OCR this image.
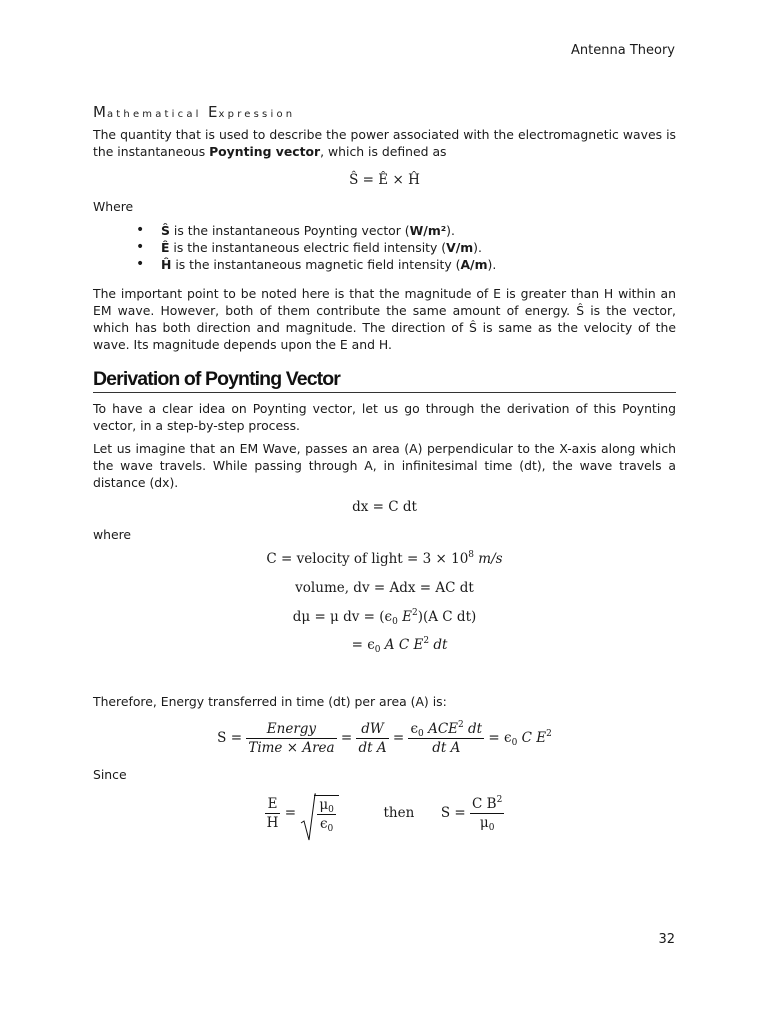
Antenna Theory
Mathematical Expression
The quantity that is used to describe the power associated with the electromagnetic waves is the instantaneous Poynting vector, which is defined as
Ŝ = Ê × Ĥ
Where
• Ŝ is the instantaneous Poynting vector (W/m²).
• Ê is the instantaneous electric field intensity (V/m).
• Ĥ is the instantaneous magnetic field intensity (A/m).
The important point to be noted here is that the magnitude of E is greater than H within an EM wave. However, both of them contribute the same amount of energy. Ŝ is the vector, which has both direction and magnitude. The direction of Ŝ is same as the velocity of the wave. Its magnitude depends upon the E and H.
Derivation of Poynting Vector
To have a clear idea on Poynting vector, let us go through the derivation of this Poynting vector, in a step-by-step process.
Let us imagine that an EM Wave, passes an area (A) perpendicular to the X-axis along which the wave travels. While passing through A, in infinitesimal time (dt), the wave travels a distance (dx).
dx = C dt
where
C = velocity of light = $3 \times 10^8$ m/s
volume, dv = Adx = AC dt
dμ = μ dv = ($\epsilon_0$ $E^2)(A$ C dt)
= $\epsilon_0$ A C $E^2$ dt
Therefore, Energy transferred in time (dt) per area (A) is:
$S = \frac{\text{Energy}}{\text{Time × Area}} = \frac{dW}{\text{dt A}} = \frac{\epsilon_0 ACE^2 dt}{\text{dt A}} = \epsilon_0$ C $E^2$
Since
$\frac{E}{H} = \frac{\mu_0}{\epsilon_0}$	then $S = \frac{C B^2}{\mu_0}$
32
